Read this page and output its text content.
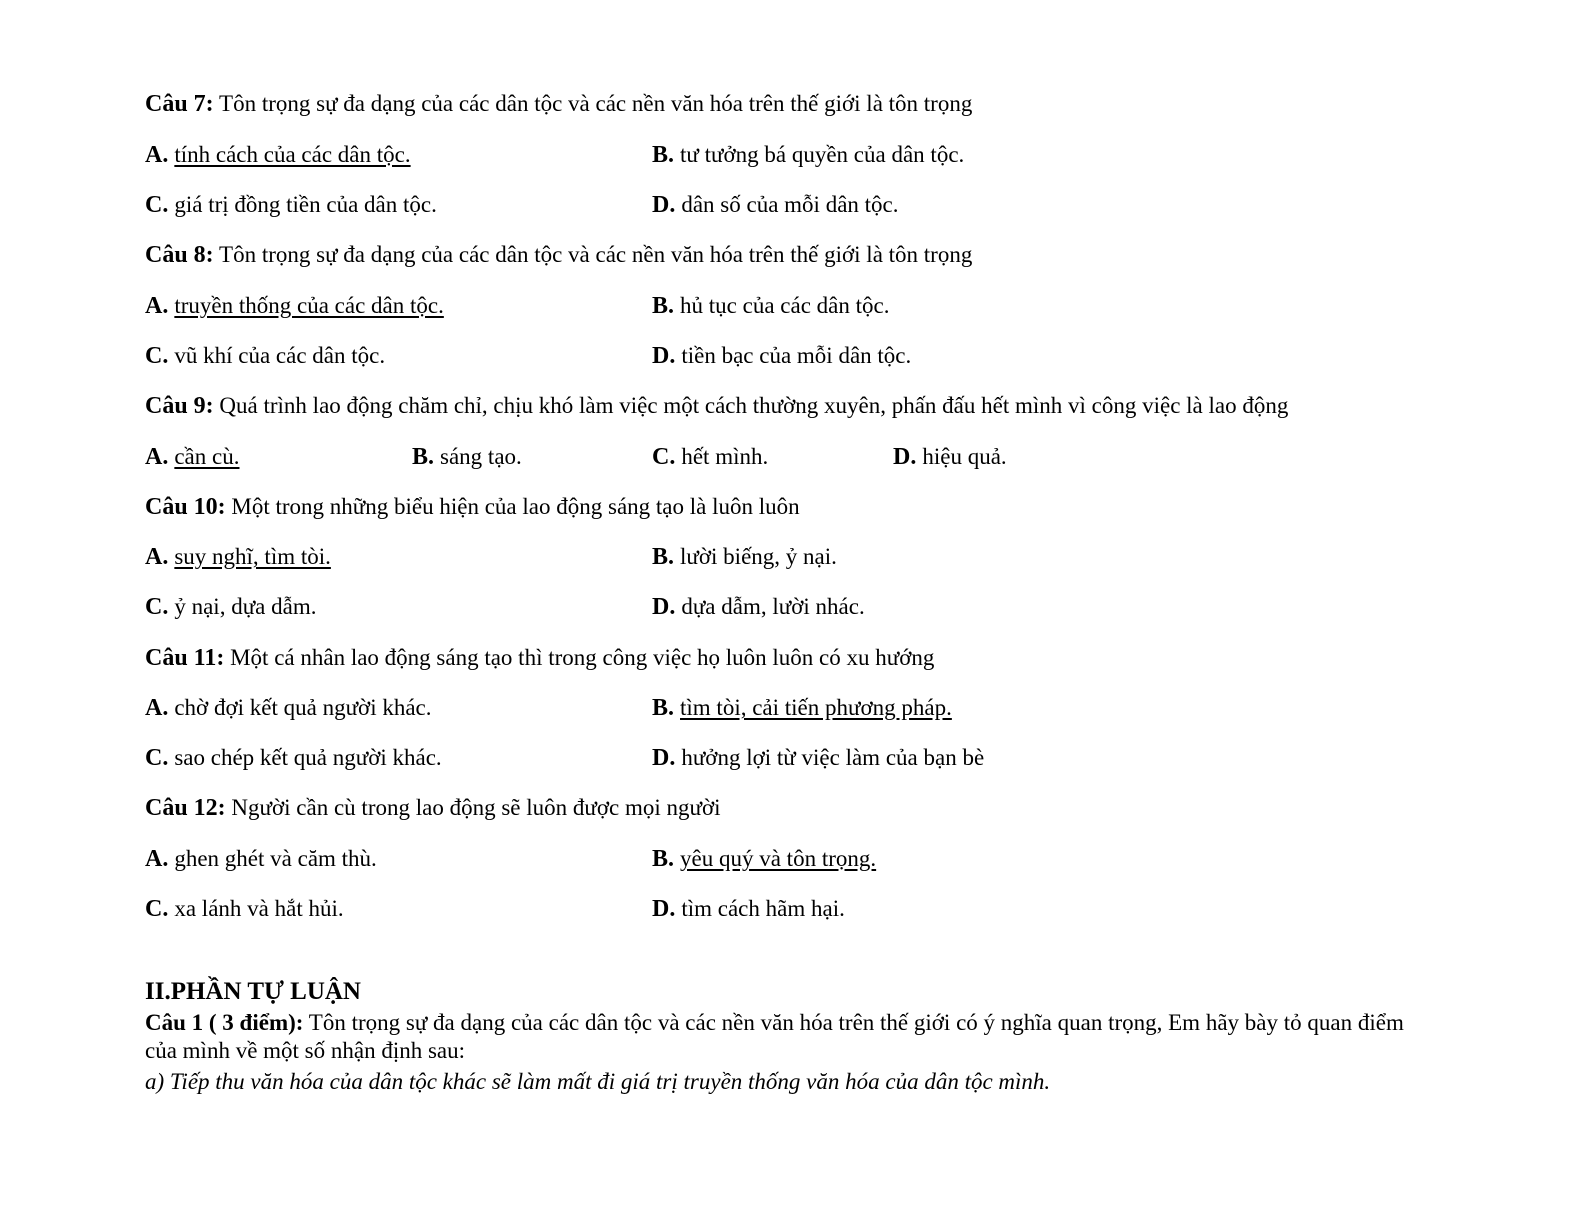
Câu 7: Tôn trọng sự đa dạng của các dân tộc và các nền văn hóa trên thế giới là tôn trọng
A. tính cách của các dân tộc.	B. tư tưởng bá quyền của dân tộc.
C. giá trị đồng tiền của dân tộc.	D. dân số của mỗi dân tộc.
Câu 8: Tôn trọng sự đa dạng của các dân tộc và các nền văn hóa trên thế giới là tôn trọng
A. truyền thống của các dân tộc.	B. hủ tục của các dân tộc.
C. vũ khí của các dân tộc.	D. tiền bạc của mỗi dân tộc.
Câu 9: Quá trình lao động chăm chỉ, chịu khó làm việc một cách thường xuyên, phấn đấu hết mình vì công việc là lao động
A. cần cù.	B. sáng tạo.	C. hết mình.	D. hiệu quả.
Câu 10: Một trong những biểu hiện của lao động sáng tạo là luôn luôn
A. suy nghĩ, tìm tòi.	B. lười biếng, ỷ nại.
C. ỷ nại, dựa dẫm.	D. dựa dẫm, lười nhác.
Câu 11: Một cá nhân lao động sáng tạo thì trong công việc họ luôn luôn có xu hướng
A. chờ đợi kết quả người khác.	B. tìm tòi, cải tiến phương pháp.
C. sao chép kết quả người khác.	D. hưởng lợi từ việc làm của bạn bè
Câu 12: Người cần cù trong lao động sẽ luôn được mọi người
A. ghen ghét và căm thù.	B. yêu quý và tôn trọng.
C. xa lánh và hắt hủi.	D. tìm cách hãm hại.
II.PHẦN TỰ LUẬN
Câu 1 ( 3 điểm): Tôn trọng sự đa dạng của các dân tộc và các nền văn hóa trên thế giới có ý nghĩa quan trọng, Em hãy bày tỏ quan điểm của mình về một số nhận định sau:
a) Tiếp thu văn hóa của dân tộc khác sẽ làm mất đi giá trị truyền thống văn hóa của dân tộc mình.
